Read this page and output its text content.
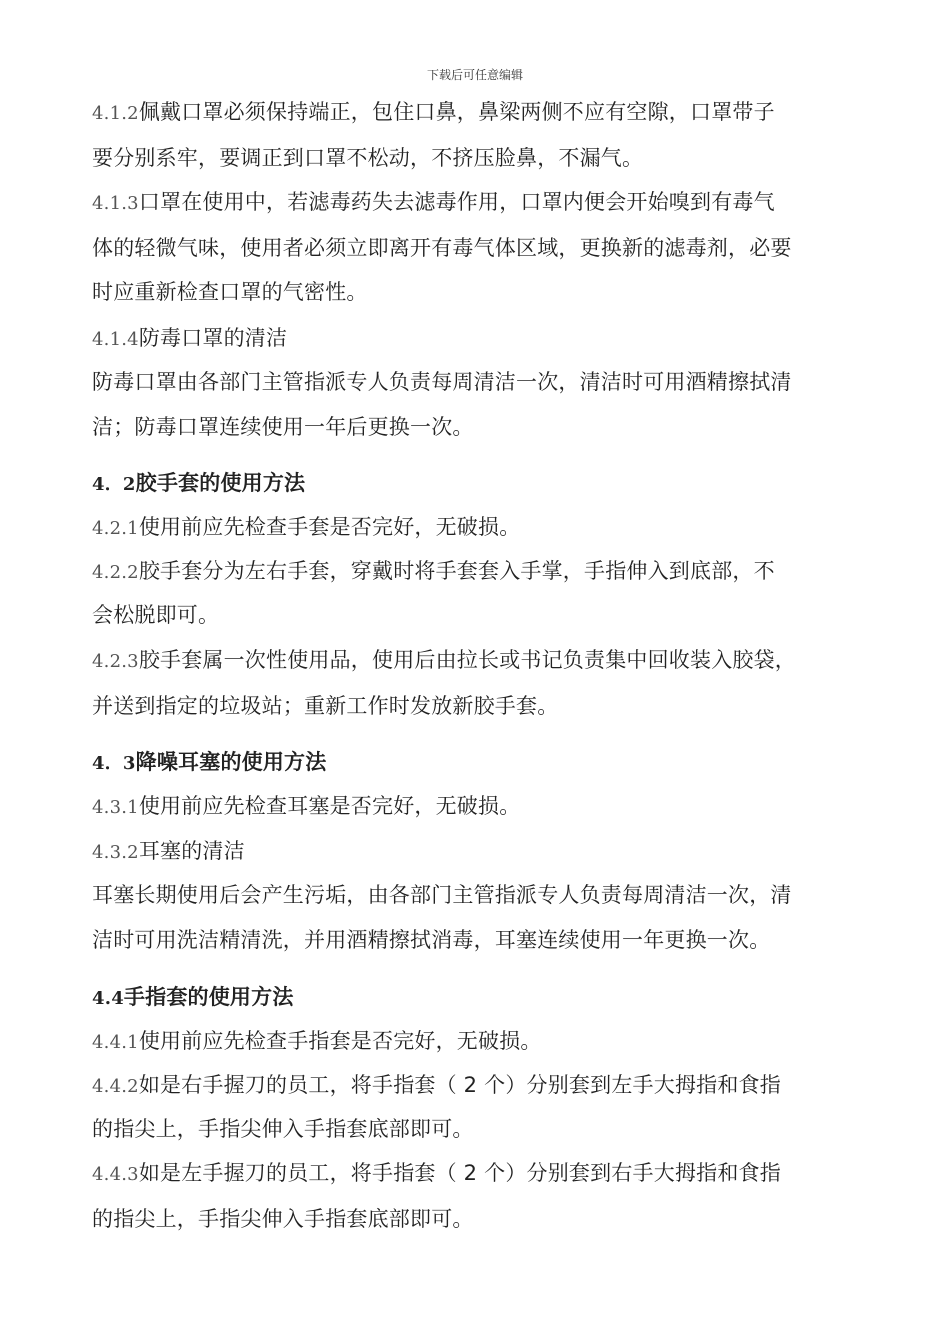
下载后可任意编辑
4.1.2佩戴口罩必须保持端正，包住口鼻，鼻梁两侧不应有空隙，口罩带子
要分别系牢，要调正到口罩不松动，不挤压脸鼻，不漏气。
4.1.3口罩在使用中，若滤毒药失去滤毒作用，口罩内便会开始嗅到有毒气
体的轻微气味，使用者必须立即离开有毒气体区域，更换新的滤毒剂，必要
时应重新检查口罩的气密性。
4.1.4防毒口罩的清洁
防毒口罩由各部门主管指派专人负责每周清洁一次，清洁时可用酒精擦拭清
洁；防毒口罩连续使用一年后更换一次。
4．2胶手套的使用方法
4.2.1使用前应先检查手套是否完好，无破损。
4.2.2胶手套分为左右手套，穿戴时将手套套入手掌，手指伸入到底部，不
会松脱即可。
4.2.3胶手套属一次性使用品，使用后由拉长或书记负责集中回收装入胶袋，
并送到指定的垃圾站；重新工作时发放新胶手套。
4．3降噪耳塞的使用方法
4.3.1使用前应先检查耳塞是否完好，无破损。
4.3.2耳塞的清洁
耳塞长期使用后会产生污垢，由各部门主管指派专人负责每周清洁一次，清
洁时可用洗洁精清洗，并用酒精擦拭消毒，耳塞连续使用一年更换一次。
4.4手指套的使用方法
4.4.1使用前应先检查手指套是否完好，无破损。
4.4.2如是右手握刀的员工，将手指套（ 2 个）分别套到左手大拇指和食指
的指尖上，手指尖伸入手指套底部即可。
4.4.3如是左手握刀的员工，将手指套（ 2 个）分别套到右手大拇指和食指
的指尖上，手指尖伸入手指套底部即可。
